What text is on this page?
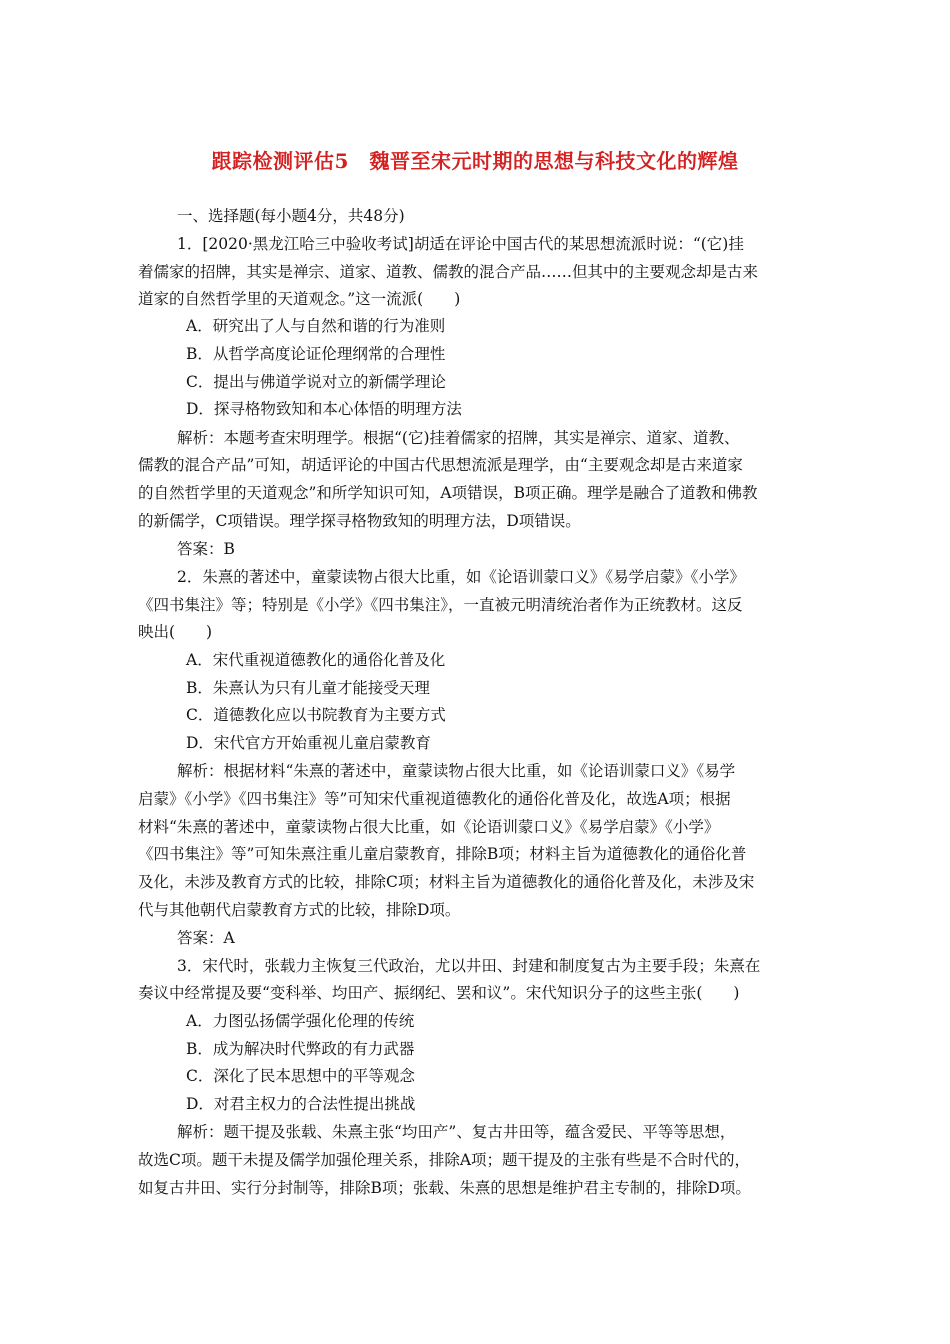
跟踪检测评估5　魏晋至宋元时期的思想与科技文化的辉煌
一、选择题(每小题4分，共48分)
1．[2020·黑龙江哈三中验收考试]胡适在评论中国古代的某思想流派时说：“(它)挂
着儒家的招牌，其实是禅宗、道家、道教、儒教的混合产品……但其中的主要观念却是古来
道家的自然哲学里的天道观念。”这一流派(　　)
A．研究出了人与自然和谐的行为准则
B．从哲学高度论证伦理纲常的合理性
C．提出与佛道学说对立的新儒学理论
D．探寻格物致知和本心体悟的明理方法
解析：本题考查宋明理学。根据“(它)挂着儒家的招牌，其实是禅宗、道家、道教、
儒教的混合产品”可知，胡适评论的中国古代思想流派是理学，由“主要观念却是古来道家
的自然哲学里的天道观念”和所学知识可知，A项错误，B项正确。理学是融合了道教和佛教
的新儒学，C项错误。理学探寻格物致知的明理方法，D项错误。
答案：B
2．朱熹的著述中，童蒙读物占很大比重，如《论语训蒙口义》《易学启蒙》《小学》
《四书集注》等；特别是《小学》《四书集注》，一直被元明清统治者作为正统教材。这反
映出(　　)
A．宋代重视道德教化的通俗化普及化
B．朱熹认为只有儿童才能接受天理
C．道德教化应以书院教育为主要方式
D．宋代官方开始重视儿童启蒙教育
解析：根据材料“朱熹的著述中，童蒙读物占很大比重，如《论语训蒙口义》《易学
启蒙》《小学》《四书集注》等”可知宋代重视道德教化的通俗化普及化，故选A项；根据
材料“朱熹的著述中，童蒙读物占很大比重，如《论语训蒙口义》《易学启蒙》《小学》
《四书集注》等”可知朱熹注重儿童启蒙教育，排除B项；材料主旨为道德教化的通俗化普
及化，未涉及教育方式的比较，排除C项；材料主旨为道德教化的通俗化普及化，未涉及宋
代与其他朝代启蒙教育方式的比较，排除D项。
答案：A
3．宋代时，张载力主恢复三代政治，尤以井田、封建和制度复古为主要手段；朱熹在
奏议中经常提及要“变科举、均田产、振纲纪、罢和议”。宋代知识分子的这些主张(　　)
A．力图弘扬儒学强化伦理的传统
B．成为解决时代弊政的有力武器
C．深化了民本思想中的平等观念
D．对君主权力的合法性提出挑战
解析：题干提及张载、朱熹主张“均田产”、复古井田等，蕴含爱民、平等等思想，
故选C项。题干未提及儒学加强伦理关系，排除A项；题干提及的主张有些是不合时代的，
如复古井田、实行分封制等，排除B项；张载、朱熹的思想是维护君主专制的，排除D项。
